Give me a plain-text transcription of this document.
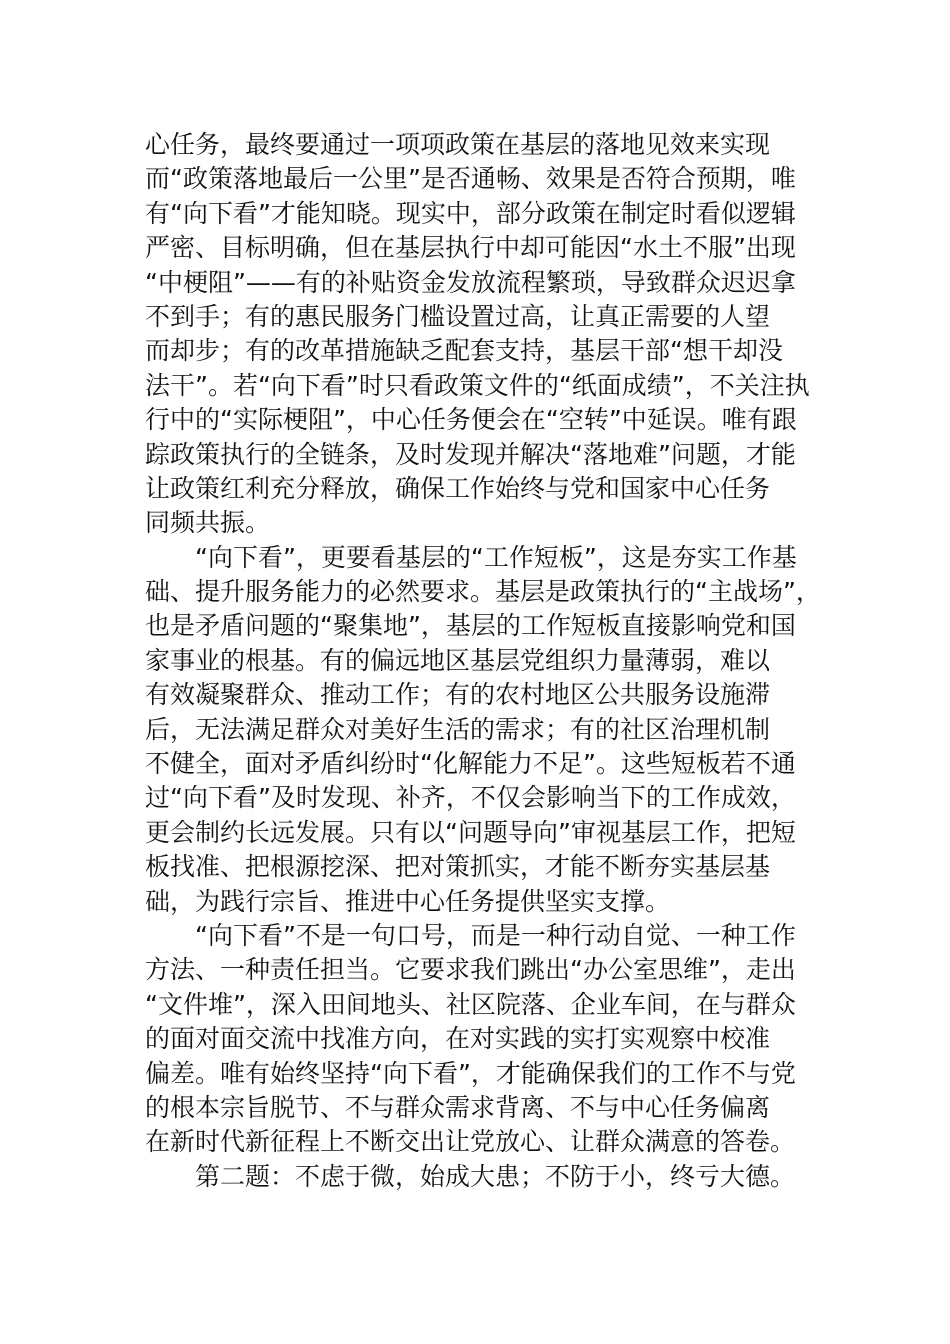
心任务，最终要通过一项项政策在基层的落地见效来实现
而“政策落地最后一公里”是否通畅、效果是否符合预期，唯
有“向下看”才能知晓。现实中，部分政策在制定时看似逻辑
严密、目标明确，但在基层执行中却可能因“水土不服”出现
“中梗阻”——有的补贴资金发放流程繁琐，导致群众迟迟拿
不到手；有的惠民服务门槛设置过高，让真正需要的人望
而却步；有的改革措施缺乏配套支持，基层干部“想干却没
法干”。若“向下看”时只看政策文件的“纸面成绩”，不关注执
行中的“实际梗阻”，中心任务便会在“空转”中延误。唯有跟
踪政策执行的全链条，及时发现并解决“落地难”问题，才能
让政策红利充分释放，确保工作始终与党和国家中心任务
同频共振。
“向下看”，更要看基层的“工作短板”，这是夯实工作基
础、提升服务能力的必然要求。基层是政策执行的“主战场”，
也是矛盾问题的“聚集地”，基层的工作短板直接影响党和国
家事业的根基。有的偏远地区基层党组织力量薄弱，难以
有效凝聚群众、推动工作；有的农村地区公共服务设施滞
后，无法满足群众对美好生活的需求；有的社区治理机制
不健全，面对矛盾纠纷时“化解能力不足”。这些短板若不通
过“向下看”及时发现、补齐，不仅会影响当下的工作成效，
更会制约长远发展。只有以“问题导向”审视基层工作，把短
板找准、把根源挖深、把对策抓实，才能不断夯实基层基
础，为践行宗旨、推进中心任务提供坚实支撑。
“向下看”不是一句口号，而是一种行动自觉、一种工作
方法、一种责任担当。它要求我们跳出“办公室思维”，走出
“文件堆”，深入田间地头、社区院落、企业车间，在与群众
的面对面交流中找准方向，在对实践的实打实观察中校准
偏差。唯有始终坚持“向下看”，才能确保我们的工作不与党
的根本宗旨脱节、不与群众需求背离、不与中心任务偏离
在新时代新征程上不断交出让党放心、让群众满意的答卷。
第二题：不虑于微，始成大患；不防于小，终亏大德。
